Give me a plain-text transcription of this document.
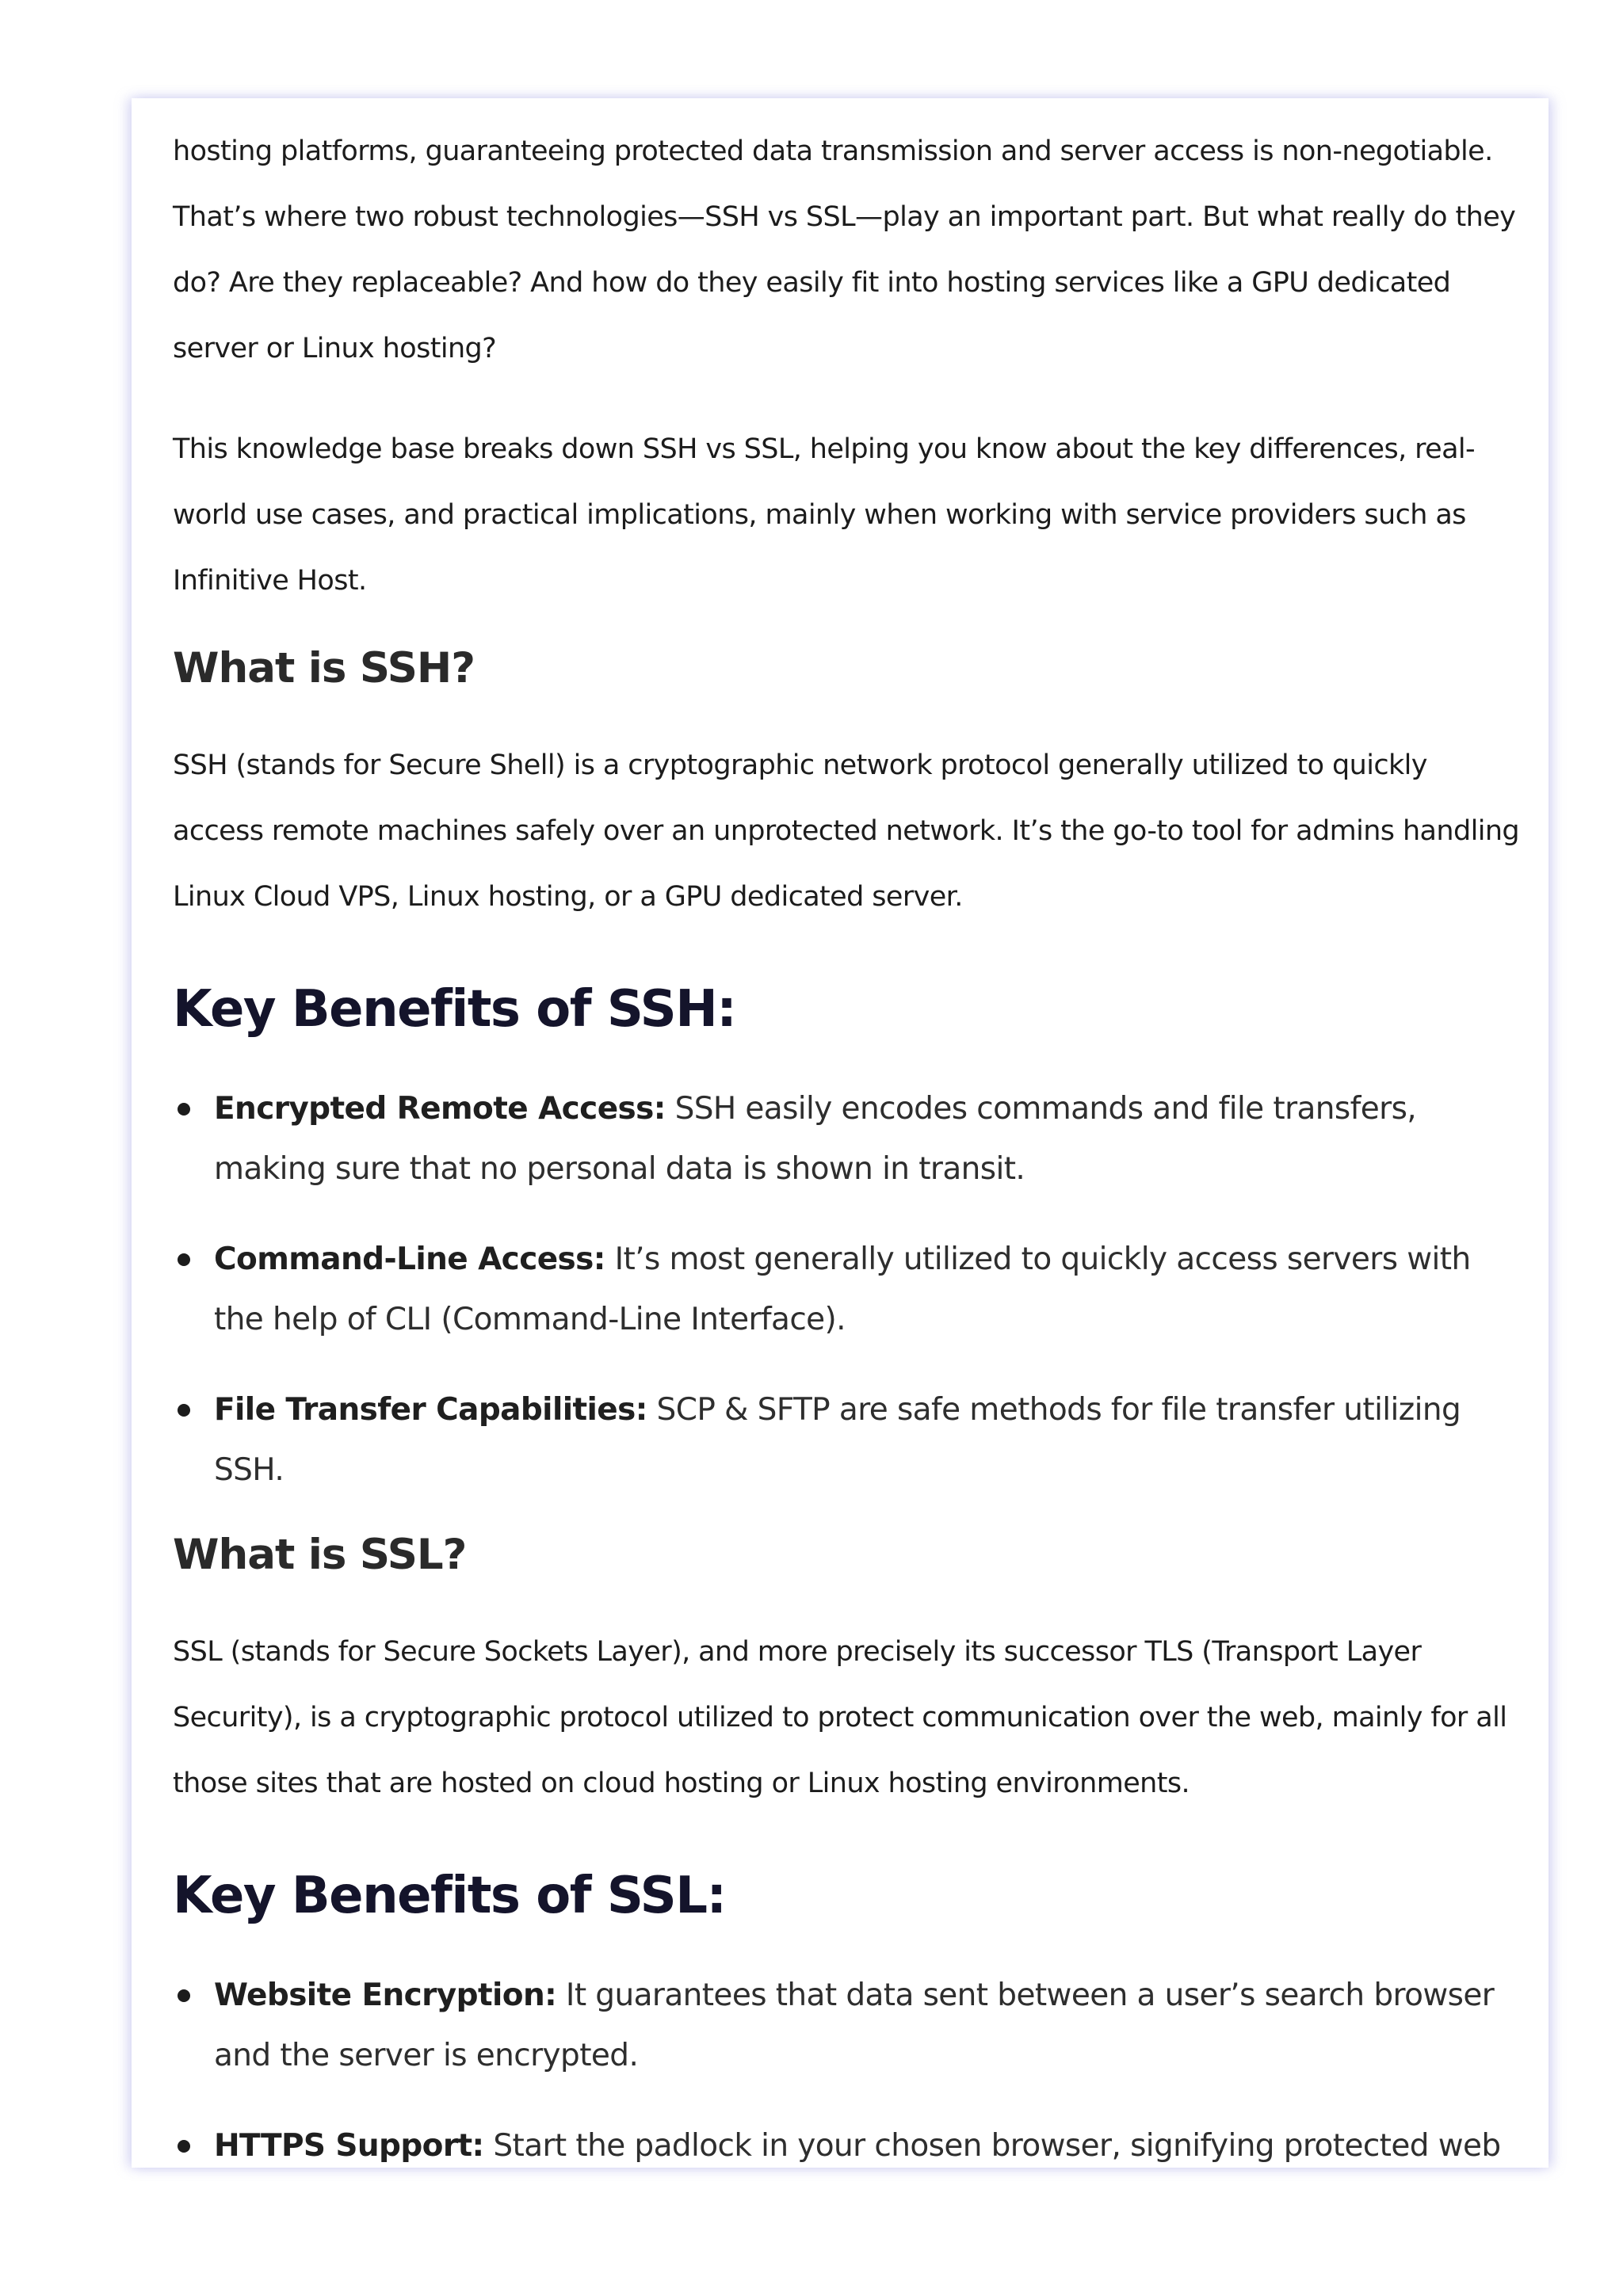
hosting platforms, guaranteeing protected data transmission and server access is non-negotiable. That’s where two robust technologies—SSH vs SSL—play an important part. But what really do they do? Are they replaceable? And how do they easily fit into hosting services like a GPU dedicated server or Linux hosting?

This knowledge base breaks down SSH vs SSL, helping you know about the key differences, real-world use cases, and practical implications, mainly when working with service providers such as Infinitive Host.

What is SSH?

SSH (stands for Secure Shell) is a cryptographic network protocol generally utilized to quickly access remote machines safely over an unprotected network. It’s the go-to tool for admins handling Linux Cloud VPS, Linux hosting, or a GPU dedicated server.

Key Benefits of SSH:
Encrypted Remote Access: SSH easily encodes commands and file transfers, making sure that no personal data is shown in transit.
Command-Line Access: It’s most generally utilized to quickly access servers with the help of CLI (Command-Line Interface).
File Transfer Capabilities: SCP & SFTP are safe methods for file transfer utilizing SSH.
What is SSL?

SSL (stands for Secure Sockets Layer), and more precisely its successor TLS (Transport Layer Security), is a cryptographic protocol utilized to protect communication over the web, mainly for all those sites that are hosted on cloud hosting or Linux hosting environments.

Key Benefits of SSL:
Website Encryption: It guarantees that data sent between a user’s search browser and the server is encrypted.
HTTPS Support: Start the padlock in your chosen browser, signifying protected web
